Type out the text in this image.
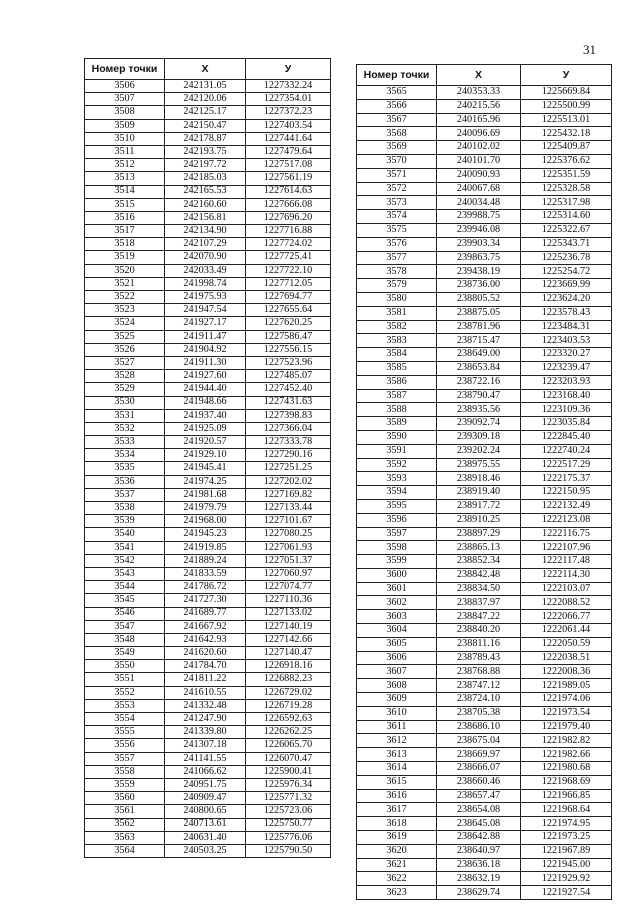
31
Номер точки	X	У
3506	242131.05	1227332.24
3507	242120.06	1227354.01
3508	242125.17	1227372.23
3509	242150.47	1227403.54
3510	242178.87	1227441.64
3511	242193.75	1227479.64
3512	242197.72	1227517.08
3513	242185.03	1227561.19
3514	242165.53	1227614.63
3515	242160.60	1227666.08
3516	242156.81	1227696.20
3517	242134.90	1227716.88
3518	242107.29	1227724.02
3519	242070.90	1227725.41
3520	242033.49	1227722.10
3521	241998.74	1227712.05
3522	241975.93	1227694.77
3523	241947.54	1227655.64
3524	241927.17	1227620.25
3525	241911.47	1227586.47
3526	241904.92	1227556.15
3527	241911.30	1227523.96
3528	241927.60	1227485.07
3529	241944.40	1227452.40
3530	241948.66	1227431.63
3531	241937.40	1227398.83
3532	241925.09	1227366.04
3533	241920.57	1227333.78
3534	241929.10	1227290.16
3535	241945.41	1227251.25
3536	241974.25	1227202.02
3537	241981.68	1227169.82
3538	241979.79	1227133.44
3539	241968.00	1227101.67
3540	241945.23	1227080.25
3541	241919.85	1227061.93
3542	241889.24	1227051.37
3543	241833.59	1227060.97
3544	241786.72	1227074.77
3545	241727.30	1227110.36
3546	241689.77	1227133.02
3547	241667.92	1227140.19
3548	241642.93	1227142.66
3549	241620.60	1227140.47
3550	241784.70	1226918.16
3551	241811.22	1226882.23
3552	241610.55	1226729.02
3553	241332.48	1226719.28
3554	241247.90	1226592.63
3555	241339.80	1226262.25
3556	241307.18	1226065.70
3557	241141.55	1226070.47
3558	241066.62	1225900.41
3559	240951.75	1225976.34
3560	240909.47	1225771.32
3561	240800.65	1225723.06
3562	240713.61	1225750.77
3563	240631.40	1225776.06
3564	240503.25	1225790.50
Номер точки	X	У
3565	240353.33	1225669.84
3566	240215.56	1225500.99
3567	240165.96	1225513.01
3568	240096.69	1225432.18
3569	240102.02	1225409.87
3570	240101.70	1225376.62
3571	240090.93	1225351.59
3572	240067.68	1225328.58
3573	240034.48	1225317.98
3574	239988.75	1225314.60
3575	239946.08	1225322.67
3576	239903.34	1225343.71
3577	239863.75	1225236.78
3578	239438.19	1225254.72
3579	238736.00	1223669.99
3580	238805.52	1223624.20
3581	238875.05	1223578.43
3582	238781.96	1223484.31
3583	238715.47	1223403.53
3584	238649.00	1223320.27
3585	238653.84	1223239.47
3586	238722.16	1223203.93
3587	238790.47	1223168.40
3588	238935.56	1223109.36
3589	239092.74	1223035.84
3590	239309.18	1222845.40
3591	239202.24	1222740.24
3592	238975.55	1222517.29
3593	238918.46	1222175.37
3594	238919.40	1222150.95
3595	238917.72	1222132.49
3596	238910.25	1222123.08
3597	238897.29	1222116.75
3598	238865.13	1222107.96
3599	238852.34	1222117.48
3600	238842.48	1222114.30
3601	238834.50	1222103.07
3602	238837.97	1222088.52
3603	238847.22	1222066.77
3604	238840.20	1222061.44
3605	238811.16	1222050.59
3606	238789.43	1222038.51
3607	238768.88	1222008.36
3608	238747.12	1221989.05
3609	238724.10	1221974.06
3610	238705.38	1221973.54
3611	238686.10	1221979.40
3612	238675.04	1221982.82
3613	238669.97	1221982.66
3614	238666.07	1221980.68
3615	238660.46	1221968.69
3616	238657.47	1221966.85
3617	238654.08	1221968.64
3618	238645.08	1221974.95
3619	238642.88	1221973.25
3620	238640.97	1221967.89
3621	238636.18	1221945.00
3622	238632.19	1221929.92
3623	238629.74	1221927.54
